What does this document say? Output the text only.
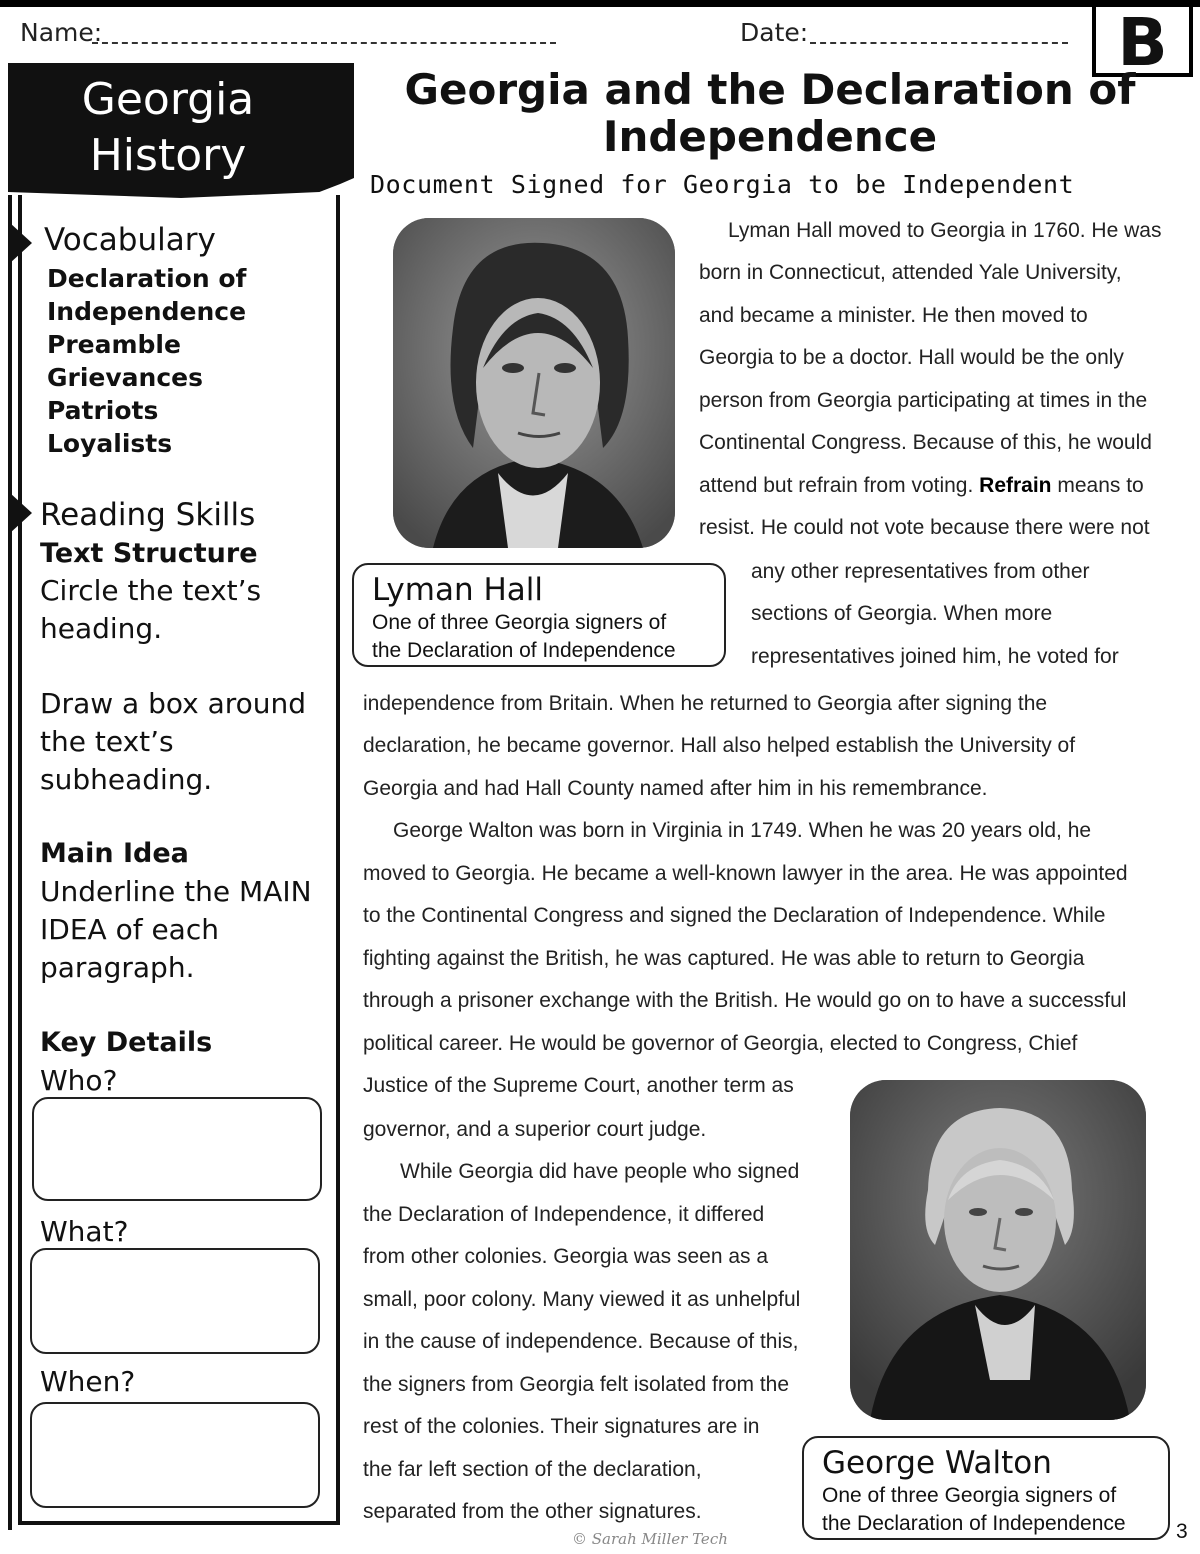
Name:	Date:	B
Georgia
History
Vocabulary
Declaration of
Independence
Preamble
Grievances
Patriots
Loyalists
Reading Skills
Text Structure
Circle the text’s
heading.
Draw a box around
the text’s
subheading.
Main Idea
Underline the MAIN
IDEA of each
paragraph.
Key Details
Who?
What?
When?
Georgia and the Declaration of
Independence
Document Signed for Georgia to be Independent
Lyman Hall
One of three Georgia signers of
the Declaration of Independence
Lyman Hall moved to Georgia in 1760. He was
born in Connecticut, attended Yale University,
and became a minister. He then moved to
Georgia to be a doctor. Hall would be the only
person from Georgia participating at times in the
Continental Congress. Because of this, he would
attend but refrain from voting. Refrain means to
resist. He could not vote because there were not
any other representatives from other
sections of Georgia. When more
representatives joined him, he voted for
independence from Britain. When he returned to Georgia after signing the
declaration, he became governor. Hall also helped establish the University of
Georgia and had Hall County named after him in his remembrance.
George Walton was born in Virginia in 1749. When he was 20 years old, he
moved to Georgia. He became a well-known lawyer in the area. He was appointed
to the Continental Congress and signed the Declaration of Independence. While
fighting against the British, he was captured. He was able to return to Georgia
through a prisoner exchange with the British. He would go on to have a successful
political career. He would be governor of Georgia, elected to Congress, Chief
Justice of the Supreme Court, another term as
governor, and a superior court judge.
While Georgia did have people who signed
the Declaration of Independence, it differed
from other colonies. Georgia was seen as a
small, poor colony. Many viewed it as unhelpful
in the cause of independence. Because of this,
the signers from Georgia felt isolated from the
rest of the colonies. Their signatures are in
the far left section of the declaration,
separated from the other signatures.
George Walton
One of three Georgia signers of
the Declaration of Independence
© Sarah Miller Tech	3
